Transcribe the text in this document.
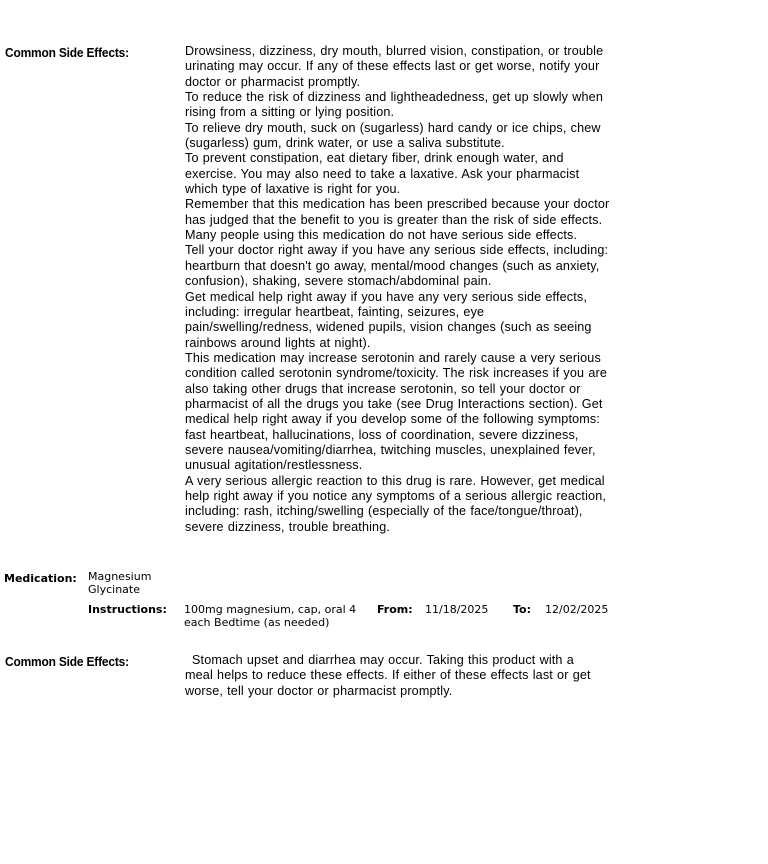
Common Side Effects:	Drowsiness, dizziness, dry mouth, blurred vision, constipation, or trouble urinating may occur. If any of these effects last or get worse, notify your doctor or pharmacist promptly.

To reduce the risk of dizziness and lightheadedness, get up slowly when rising from a sitting or lying position.

To relieve dry mouth, suck on (sugarless) hard candy or ice chips, chew (sugarless) gum, drink water, or use a saliva substitute.

To prevent constipation, eat dietary fiber, drink enough water, and exercise. You may also need to take a laxative. Ask your pharmacist which type of laxative is right for you.

Remember that this medication has been prescribed because your doctor has judged that the benefit to you is greater than the risk of side effects. Many people using this medication do not have serious side effects.

Tell your doctor right away if you have any serious side effects, including: heartburn that doesn't go away, mental/mood changes (such as anxiety, confusion), shaking, severe stomach/abdominal pain.

Get medical help right away if you have any very serious side effects, including: irregular heartbeat, fainting, seizures, eye pain/swelling/redness, widened pupils, vision changes (such as seeing rainbows around lights at night).

This medication may increase serotonin and rarely cause a very serious condition called serotonin syndrome/toxicity. The risk increases if you are also taking other drugs that increase serotonin, so tell your doctor or pharmacist of all the drugs you take (see Drug Interactions section). Get medical help right away if you develop some of the following symptoms: fast heartbeat, hallucinations, loss of coordination, severe dizziness, severe nausea/vomiting/diarrhea, twitching muscles, unexplained fever, unusual agitation/restlessness.

A very serious allergic reaction to this drug is rare. However, get medical help right away if you notice any symptoms of a serious allergic reaction, including: rash, itching/swelling (especially of the face/tongue/throat), severe dizziness, trouble breathing.

Medication: Magnesium Glycinate
Instructions: 100mg magnesium, cap, oral 4 each Bedtime (as needed)
From: 11/18/2025 To: 12/02/2025
Common Side Effects:	Stomach upset and diarrhea may occur. Taking this product with a meal helps to reduce these effects. If either of these effects last or get worse, tell your doctor or pharmacist promptly.
